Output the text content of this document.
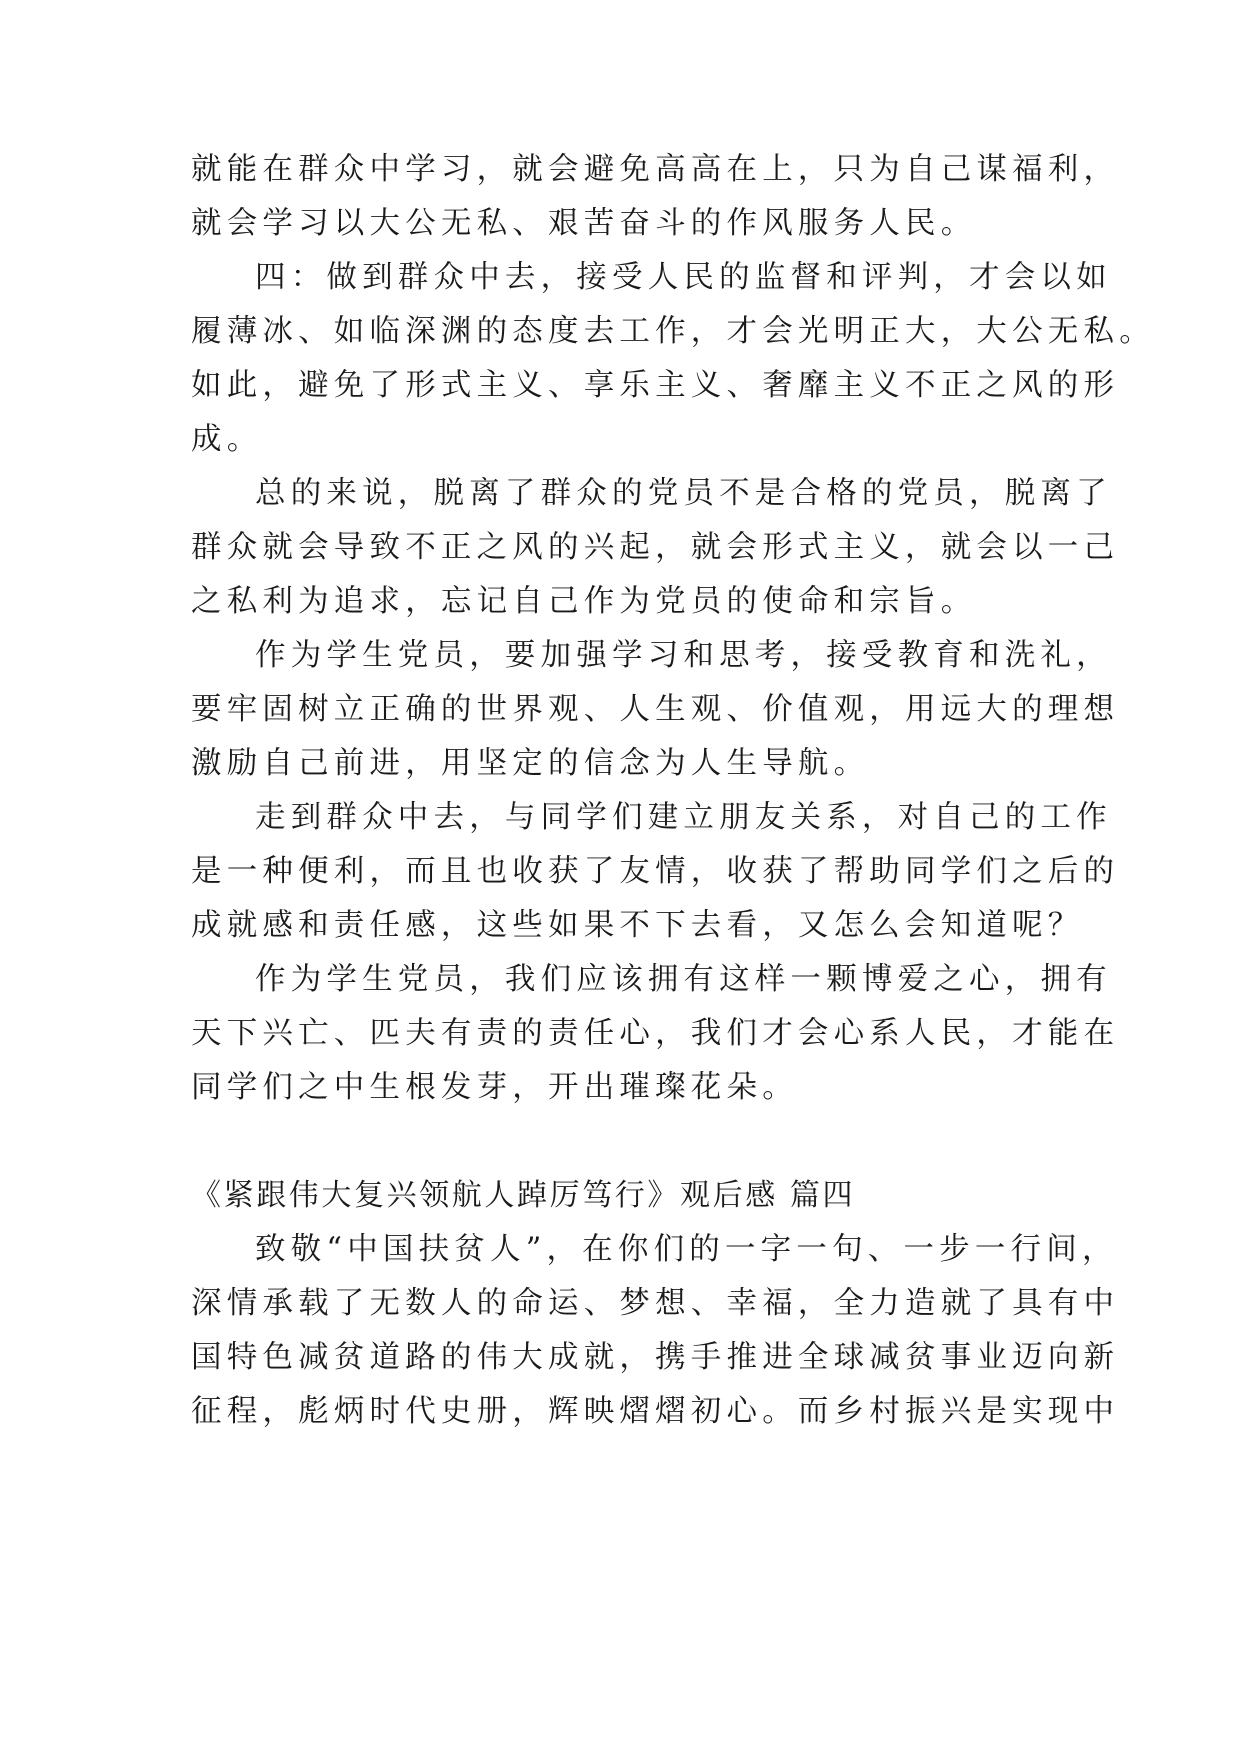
就能在群众中学习，就会避免高高在上，只为自己谋福利，
就会学习以大公无私、艰苦奋斗的作风服务人民。
四：做到群众中去，接受人民的监督和评判，才会以如
履薄冰、如临深渊的态度去工作，才会光明正大，大公无私。
如此，避免了形式主义、享乐主义、奢靡主义不正之风的形
成。
总的来说，脱离了群众的党员不是合格的党员，脱离了
群众就会导致不正之风的兴起，就会形式主义，就会以一己
之私利为追求，忘记自己作为党员的使命和宗旨。
作为学生党员，要加强学习和思考，接受教育和洗礼，
要牢固树立正确的世界观、人生观、价值观，用远大的理想
激励自己前进，用坚定的信念为人生导航。
走到群众中去，与同学们建立朋友关系，对自己的工作
是一种便利，而且也收获了友情，收获了帮助同学们之后的
成就感和责任感，这些如果不下去看，又怎么会知道呢？
作为学生党员，我们应该拥有这样一颗博爱之心，拥有
天下兴亡、匹夫有责的责任心，我们才会心系人民，才能在
同学们之中生根发芽，开出璀璨花朵。
《紧跟伟大复兴领航人踔厉笃行》观后感 篇四
致敬“中国扶贫人”，在你们的一字一句、一步一行间，
深情承载了无数人的命运、梦想、幸福，全力造就了具有中
国特色减贫道路的伟大成就，携手推进全球减贫事业迈向新
征程，彪炳时代史册，辉映熠熠初心。而乡村振兴是实现中
